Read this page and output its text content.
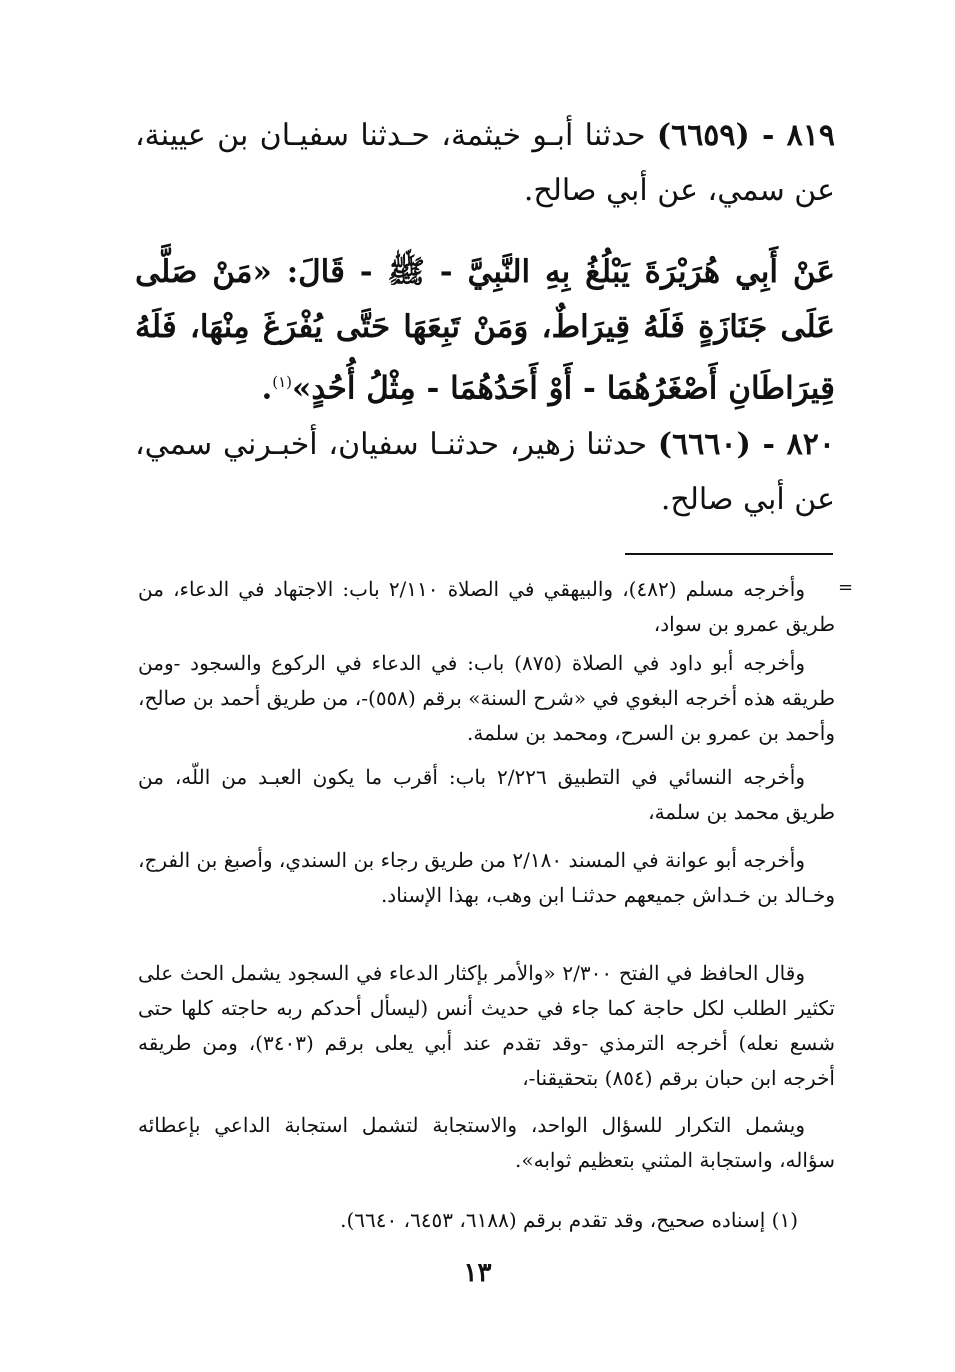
٨١٩ - (٦٦٥٩) حدثنا أبـو خيثمة، حـدثنا سفيـان بن عيينة، عن سمي، عن أبي صالح.

عَنْ أَبِي هُرَيْرَةَ يَبْلُغُ بِهِ النَّبِيَّ - ﷺ - قَالَ: «مَنْ صَلَّى عَلَى جَنَازَةٍ فَلَهُ قِيرَاطٌ، وَمَنْ تَبِعَهَا حَتَّى يُفْرَغَ مِنْهَا، فَلَهُ قِيرَاطَانِ أَصْغَرُهُمَا - أَوْ أَحَدُهُمَا - مِثْلُ أُحُدٍ»$^{(١)}$.

٨٢٠ - (٦٦٦٠) حدثنا زهير، حدثنـا سفيان، أخبـرني سمي، عن أبي صالح.

=

وأخرجه مسلم (٤٨٢)، والبيهقي في الصلاة ٢/١١٠ باب: الاجتهاد في الدعاء، من طريق عمرو بن سواد،

وأخرجه أبو داود في الصلاة (٨٧٥) باب: في الدعاء في الركوع والسجود -ومن طريقه هذه أخرجه البغوي في «شرح السنة» برقم (٥٥٨)-، من طريق أحمد بن صالح، وأحمد بن عمرو بن السرح، ومحمد بن سلمة.

وأخرجه النسائي في التطبيق ٢/٢٢٦ باب: أقرب ما يكون العبـد من اللّه، من طريق محمد بن سلمة،

وأخرجه أبو عوانة في المسند ٢/١٨٠ من طريق رجاء بن السندي، وأصبغ بن الفرج، وخـالد بن خـداش جميعهم حدثنـا ابن وهب، بهذا الإسناد.

وقال الحافظ في الفتح ٢/٣٠٠ «والأمر بإكثار الدعاء في السجود يشمل الحث على تكثير الطلب لكل حاجة كما جاء في حديث أنس (ليسأل أحدكم ربه حاجته كلها حتى شسع نعله) أخرجه الترمذي -وقد تقدم عند أبي يعلى برقم (٣٤٠٣)، ومن طريقه أخرجه ابن حبان برقم (٨٥٤) بتحقيقنا-،

ويشمل التكرار للسؤال الواحد، والاستجابة لتشمل استجابة الداعي بإعطائه سؤاله، واستجابة المثني بتعظيم ثوابه».

(١) إسناده صحيح، وقد تقدم برقم (٦١٨٨، ٦٤٥٣، ٦٦٤٠).

١٣
